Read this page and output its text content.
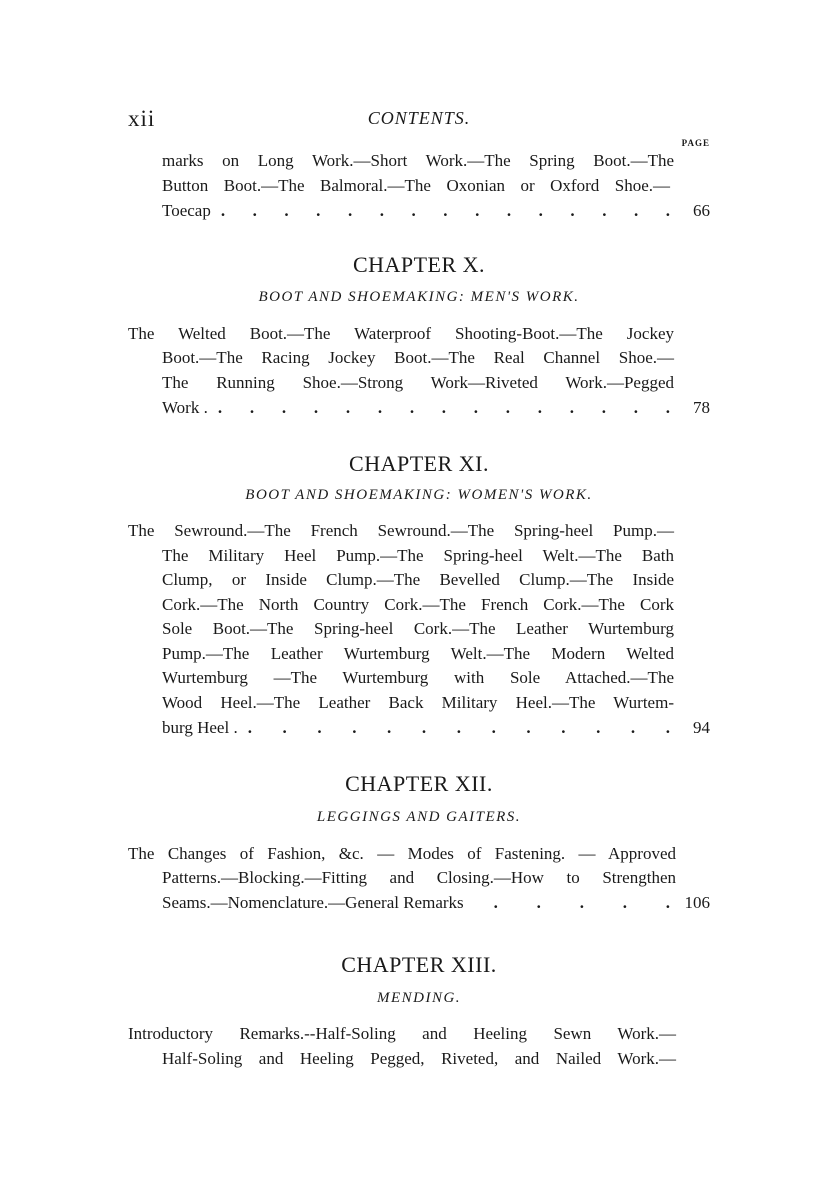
xii	CONTENTS.
PAGE
marks on Long Work.—Short Work.—The Spring Boot.—The
Button Boot.—The Balmoral.—The Oxonian or Oxford Shoe.—
Toecap . . . . . . . . . . . . . . .	66
CHAPTER X.
BOOT AND SHOEMAKING: MEN'S WORK.
The Welted Boot.—The Waterproof Shooting-Boot.—The Jockey
Boot.—The Racing Jockey Boot.—The Real Channel Shoe.—
The Running Shoe.—Strong Work—Riveted Work.—Pegged
Work . . . . . . . . . . . . . . . .	78
CHAPTER XI.
BOOT AND SHOEMAKING: WOMEN'S WORK.
The Sewround.—The French Sewround.—The Spring-heel Pump.—
The Military Heel Pump.—The Spring-heel Welt.—The Bath
Clump, or Inside Clump.—The Bevelled Clump.—The Inside
Cork.—The North Country Cork.—The French Cork.—The Cork
Sole Boot.—The Spring-heel Cork.—The Leather Wurtemburg
Pump.—The Leather Wurtemburg Welt.—The Modern Welted
Wurtemburg —The Wurtemburg with Sole Attached.—The
Wood Heel.—The Leather Back Military Heel.—The Wurtem-
burg Heel . . . . . . . . . . . . . .	94
CHAPTER XII.
LEGGINGS AND GAITERS.
The Changes of Fashion, &c. — Modes of Fastening. — Approved
Patterns.—Blocking.—Fitting and Closing.—How to Strengthen
Seams.—Nomenclature.—General Remarks	. . . . . 106
CHAPTER XIII.
MENDING.
Introductory Remarks.--Half-Soling and Heeling Sewn Work.—
Half-Soling and Heeling Pegged, Riveted, and Nailed Work.—
